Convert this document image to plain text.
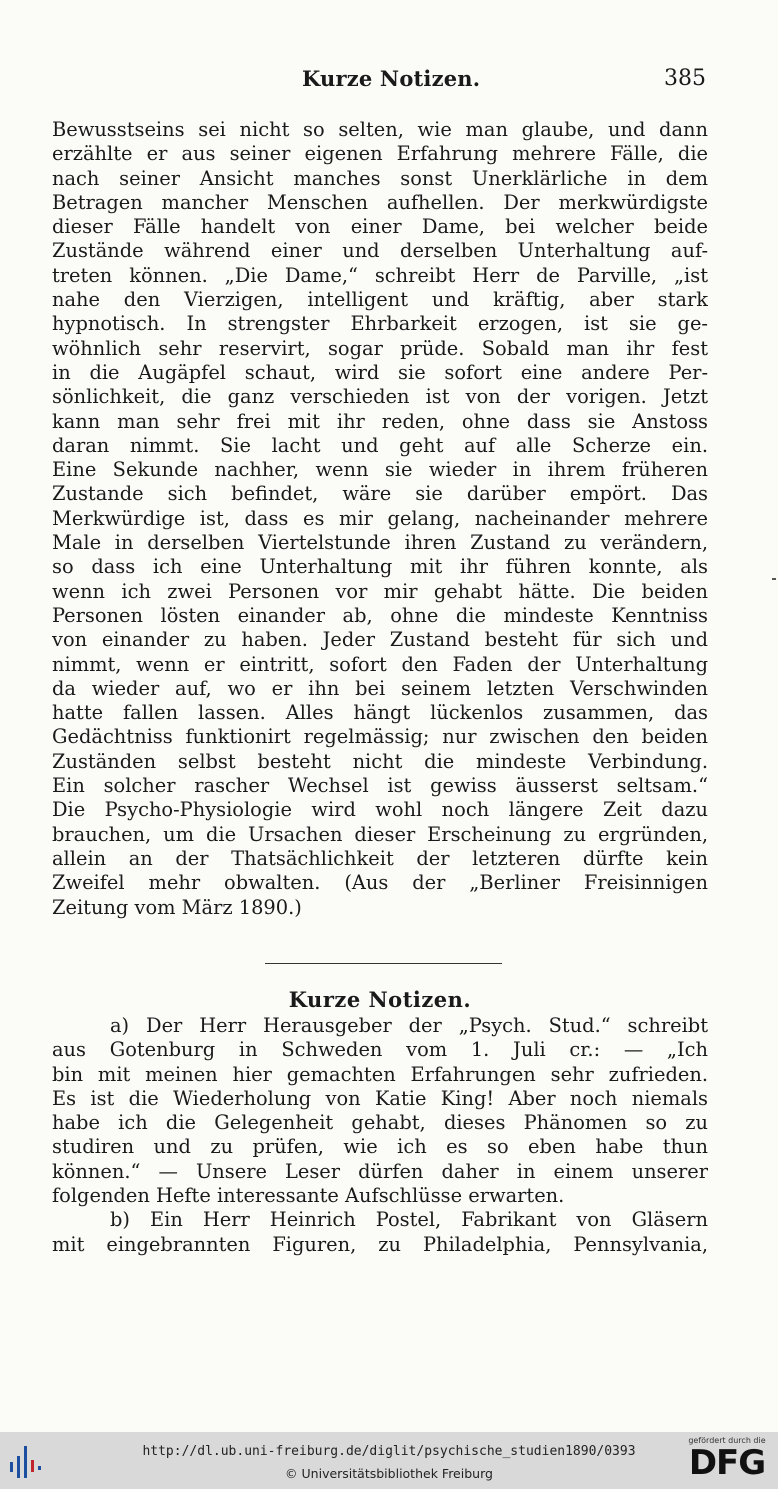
Kurze Notizen.	385
Bewusstseins sei nicht so selten, wie man glaube, und dann
erzählte er aus seiner eigenen Erfahrung mehrere Fälle, die
nach seiner Ansicht manches sonst Unerklärliche in dem
Betragen mancher Menschen aufhellen. Der merkwürdigste
dieser Fälle handelt von einer Dame, bei welcher beide
Zustände während einer und derselben Unterhaltung auf-
treten können. „Die Dame,“ schreibt Herr de Parville, „ist
nahe den Vierzigen, intelligent und kräftig, aber stark
hypnotisch. In strengster Ehrbarkeit erzogen, ist sie ge-
wöhnlich sehr reservirt, sogar prüde. Sobald man ihr fest
in die Augäpfel schaut, wird sie sofort eine andere Per-
sönlichkeit, die ganz verschieden ist von der vorigen. Jetzt
kann man sehr frei mit ihr reden, ohne dass sie Anstoss
daran nimmt. Sie lacht und geht auf alle Scherze ein.
Eine Sekunde nachher, wenn sie wieder in ihrem früheren
Zustande sich befindet, wäre sie darüber empört. Das
Merkwürdige ist, dass es mir gelang, nacheinander mehrere
Male in derselben Viertelstunde ihren Zustand zu verändern,
so dass ich eine Unterhaltung mit ihr führen konnte, als
wenn ich zwei Personen vor mir gehabt hätte. Die beiden
Personen lösten einander ab, ohne die mindeste Kenntniss
von einander zu haben. Jeder Zustand besteht für sich und
nimmt, wenn er eintritt, sofort den Faden der Unterhaltung
da wieder auf, wo er ihn bei seinem letzten Verschwinden
hatte fallen lassen. Alles hängt lückenlos zusammen, das
Gedächtniss funktionirt regelmässig; nur zwischen den beiden
Zuständen selbst besteht nicht die mindeste Verbindung.
Ein solcher rascher Wechsel ist gewiss äusserst seltsam.“
Die Psycho-Physiologie wird wohl noch längere Zeit dazu
brauchen, um die Ursachen dieser Erscheinung zu ergründen,
allein an der Thatsächlichkeit der letzteren dürfte kein
Zweifel mehr obwalten. (Aus der „Berliner Freisinnigen
Zeitung vom März 1890.)
Kurze Notizen.
a) Der Herr Herausgeber der „Psych. Stud.“ schreibt
aus Gotenburg in Schweden vom 1. Juli cr.: — „Ich
bin mit meinen hier gemachten Erfahrungen sehr zufrieden.
Es ist die Wiederholung von Katie King! Aber noch niemals
habe ich die Gelegenheit gehabt, dieses Phänomen so zu
studiren und zu prüfen, wie ich es so eben habe thun
können.“ — Unsere Leser dürfen daher in einem unserer
folgenden Hefte interessante Aufschlüsse erwarten.
b) Ein Herr Heinrich Postel, Fabrikant von Gläsern
mit eingebrannten Figuren, zu Philadelphia, Pennsylvania,
http://dl.ub.uni-freiburg.de/diglit/psychische_studien1890/0393
© Universitätsbibliothek Freiburg
gefördert durch die
DFG
